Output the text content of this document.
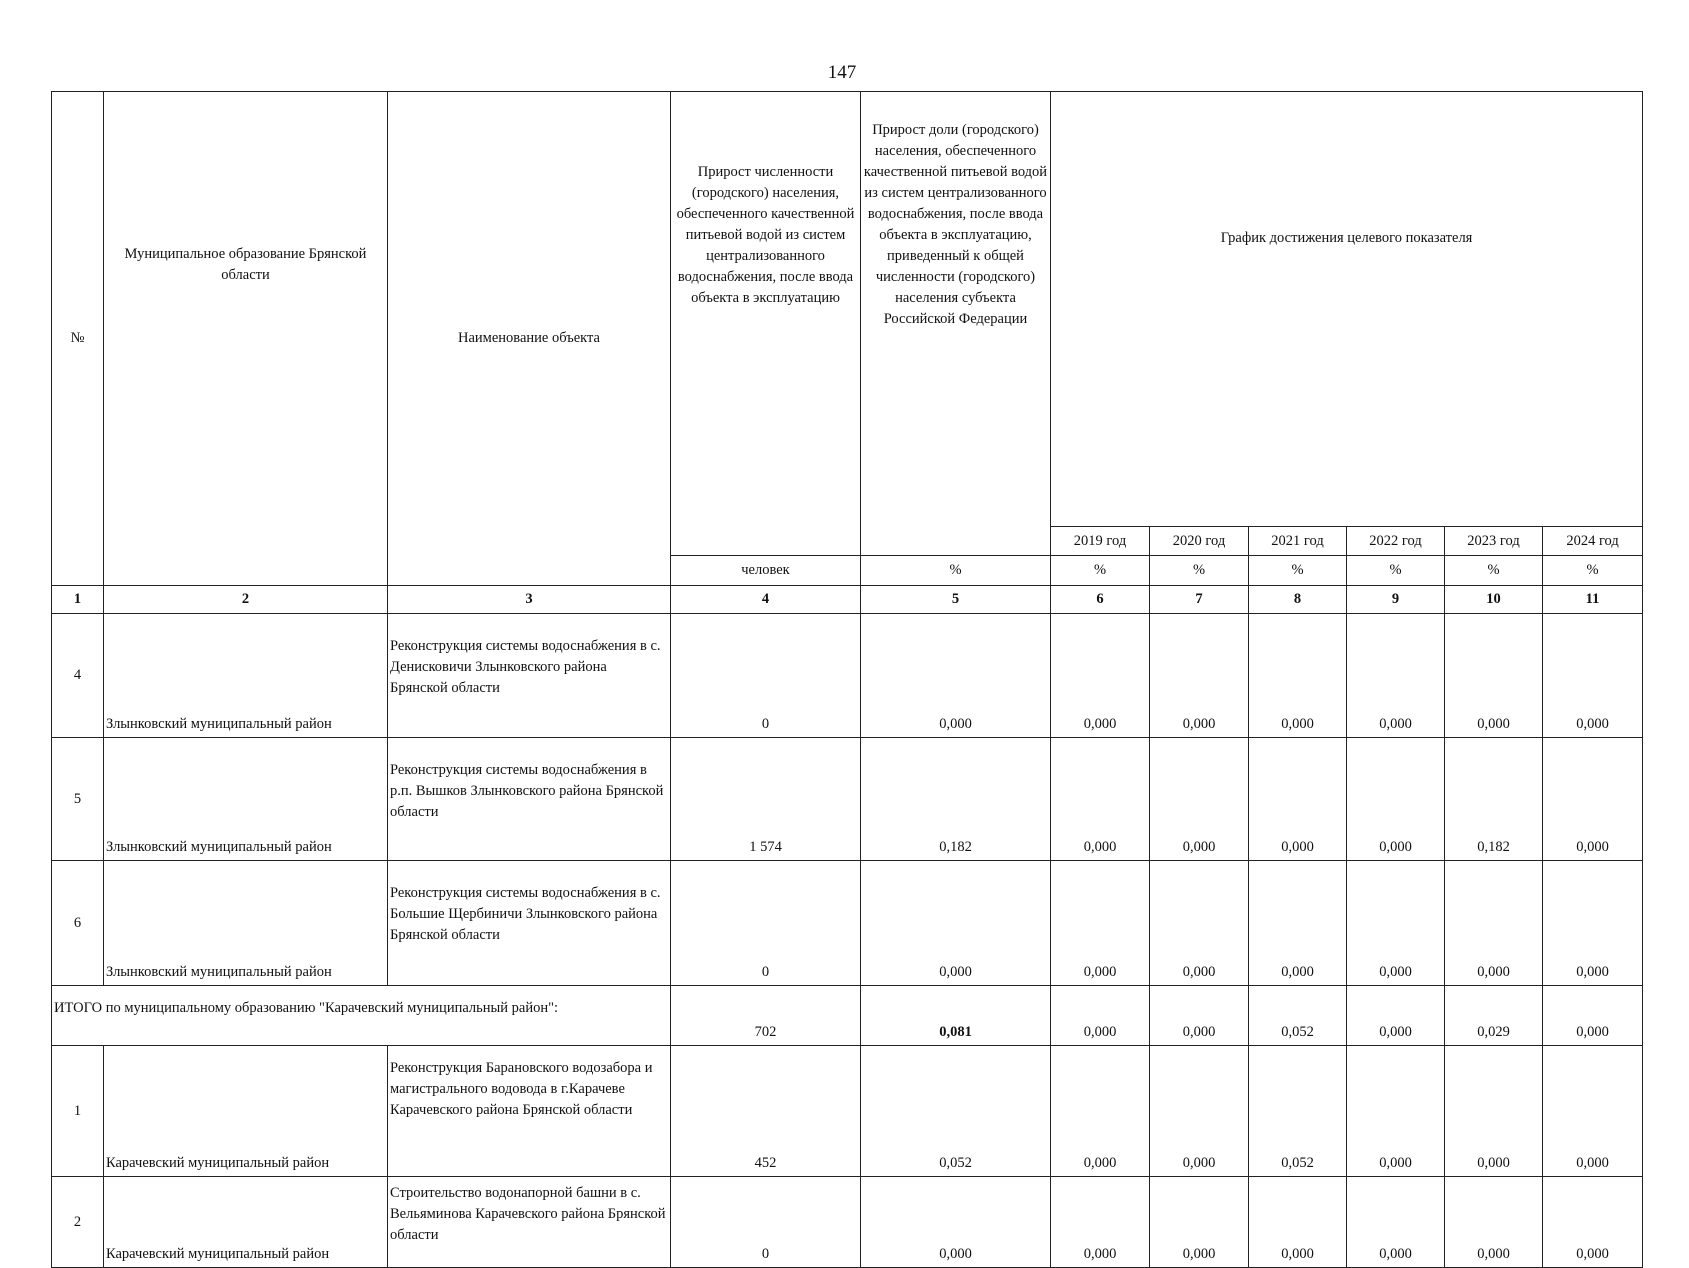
147
№	Муниципальное образование Брянской области	Наименование объекта	Прирост численности (городского) населения, обеспеченного качественной питьевой водой из систем централизованного водоснабжения, после ввода объекта в эксплуатацию	Прирост доли (городского) населения, обеспеченного качественной питьевой водой из систем централизованного водоснабжения, после ввода объекта в эксплуатацию, приведенный к общей численности (городского) населения субъекта Российской Федерации	График достижения целевого показателя					
					2019 год	2020 год	2021 год	2022 год	2023 год	2024 год
			человек	%	%	%	%	%	%	%
1	2	3	4	5	6	7	8	9	10	11
4	Злынковский муниципальный район	Реконструкция системы водоснабжения в с. Денисковичи Злынковского района Брянской области	0	0,000	0,000	0,000	0,000	0,000	0,000	0,000
5	Злынковский муниципальный район	Реконструкция системы водоснабжения в р.п. Вышков Злынковского района Брянской области	1 574	0,182	0,000	0,000	0,000	0,000	0,182	0,000
6	Злынковский муниципальный район	Реконструкция системы водоснабжения в с. Большие Щербиничи Злынковского района Брянской области	0	0,000	0,000	0,000	0,000	0,000	0,000	0,000
ИТОГО по муниципальному образованию "Карачевский муниципальный район":			702	0,081	0,000	0,000	0,052	0,000	0,029	0,000
1	Карачевский муниципальный район	Реконструкция Барановского водозабора и магистрального водовода в г.Карачеве Карачевского района Брянской области	452	0,052	0,000	0,000	0,052	0,000	0,000	0,000
2	Карачевский муниципальный район	Строительство водонапорной башни в с. Вельяминова Карачевского района Брянской области	0	0,000	0,000	0,000	0,000	0,000	0,000	0,000
